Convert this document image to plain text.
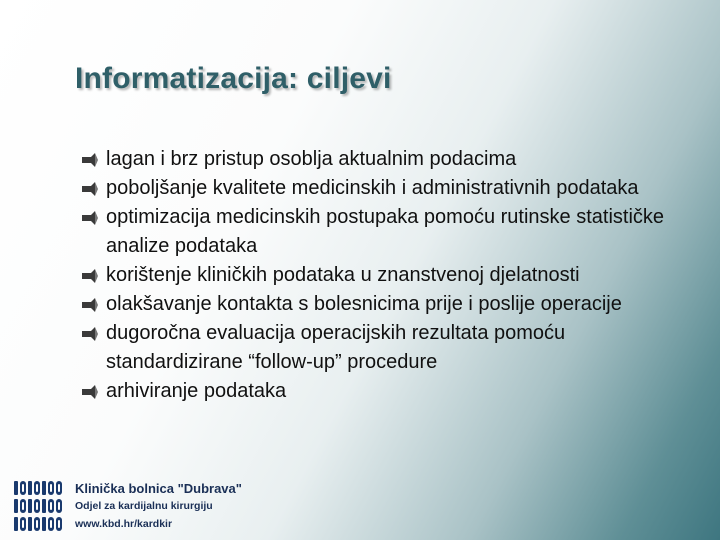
Informatizacija: ciljevi
lagan i brz pristup osoblja aktualnim podacima
poboljšanje kvalitete medicinskih i administrativnih podataka
optimizacija medicinskih postupaka pomoću rutinske statističke analize podataka
korištenje kliničkih podataka u znanstvenoj djelatnosti
olakšavanje kontakta s bolesnicima prije i poslije operacije
dugoročna evaluacija operacijskih rezultata pomoću standardizirane “follow-up” procedure
arhiviranje podataka
Klinička bolnica "Dubrava"
Odjel za kardijalnu kirurgiju
www.kbd.hr/kardkir
